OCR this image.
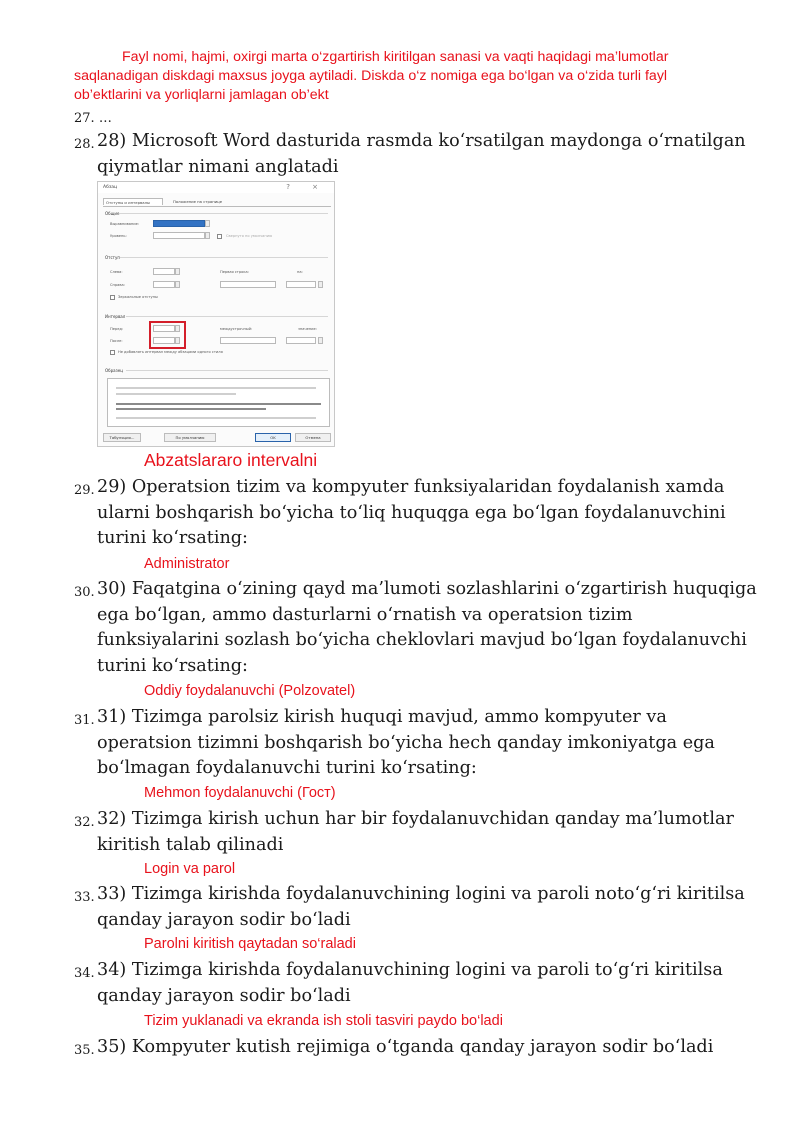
Fayl nomi, hajmi, oxirgi marta o‘zgartirish kiritilgan sanasi va vaqti haqidagi ma’lumotlar saqlanadigan diskdagi maxsus joyga aytiladi. Diskda o‘z nomiga ega bo‘lgan va o‘zida turli fayl ob’ektlarini va yorliqlarni jamlagan ob’ekt

27. …
28. 28) Microsoft Word dasturida rasmda ko‘rsatilgan maydonga o‘rnatilgan qiymatlar nimani anglatadi

Абзац	? ×
Отступы и интервалы	Положение на странице
Общие
Выравнивание:
Уровень:	Свернуто по умолчанию
Отступ
Слева:
Справа:
Первая строка:	на:
Зеркальные отступы
Интервал
Перед:
После:
междустрочный:	значение:
Не добавлять интервал между абзацами одного стиля
Образец
Табуляция...	По умолчанию	OK	Отмена
Abzatslararo intervalni
29. 29) Operatsion tizim va kompyuter funksiyalaridan foydalanish xamda ularni boshqarish bo‘yicha to‘liq huquqga ega bo‘lgan foydalanuvchini turini ko‘rsating:

Administrator
30. 30) Faqatgina o‘zining qayd ma’lumoti sozlashlarini o‘zgartirish huquqiga ega bo‘lgan, ammo dasturlarni o‘rnatish va operatsion tizim funksiyalarini sozlash bo‘yicha cheklovlari mavjud bo‘lgan foydalanuvchi turini ko‘rsating:

Oddiy foydalanuvchi (Polzovatel)
31. 31) Tizimga parolsiz kirish huquqi mavjud, ammo kompyuter va operatsion tizimni boshqarish bo‘yicha hech qanday imkoniyatga ega bo‘lmagan foydalanuvchi turini ko‘rsating:

Mehmon foydalanuvchi (Гост)
32. 32) Tizimga kirish uchun har bir foydalanuvchidan qanday ma’lumotlar kiritish talab qilinadi

Login va parol
33. 33) Tizimga kirishda foydalanuvchining logini va paroli noto‘g‘ri kiritilsa qanday jarayon sodir bo‘ladi

Parolni kiritish qaytadan so‘raladi
34. 34) Tizimga kirishda foydalanuvchining logini va paroli to‘g‘ri kiritilsa qanday jarayon sodir bo‘ladi

Tizim yuklanadi va ekranda ish stoli tasviri paydo bo‘ladi
35. 35) Kompyuter kutish rejimiga o‘tganda qanday jarayon sodir bo‘ladi
